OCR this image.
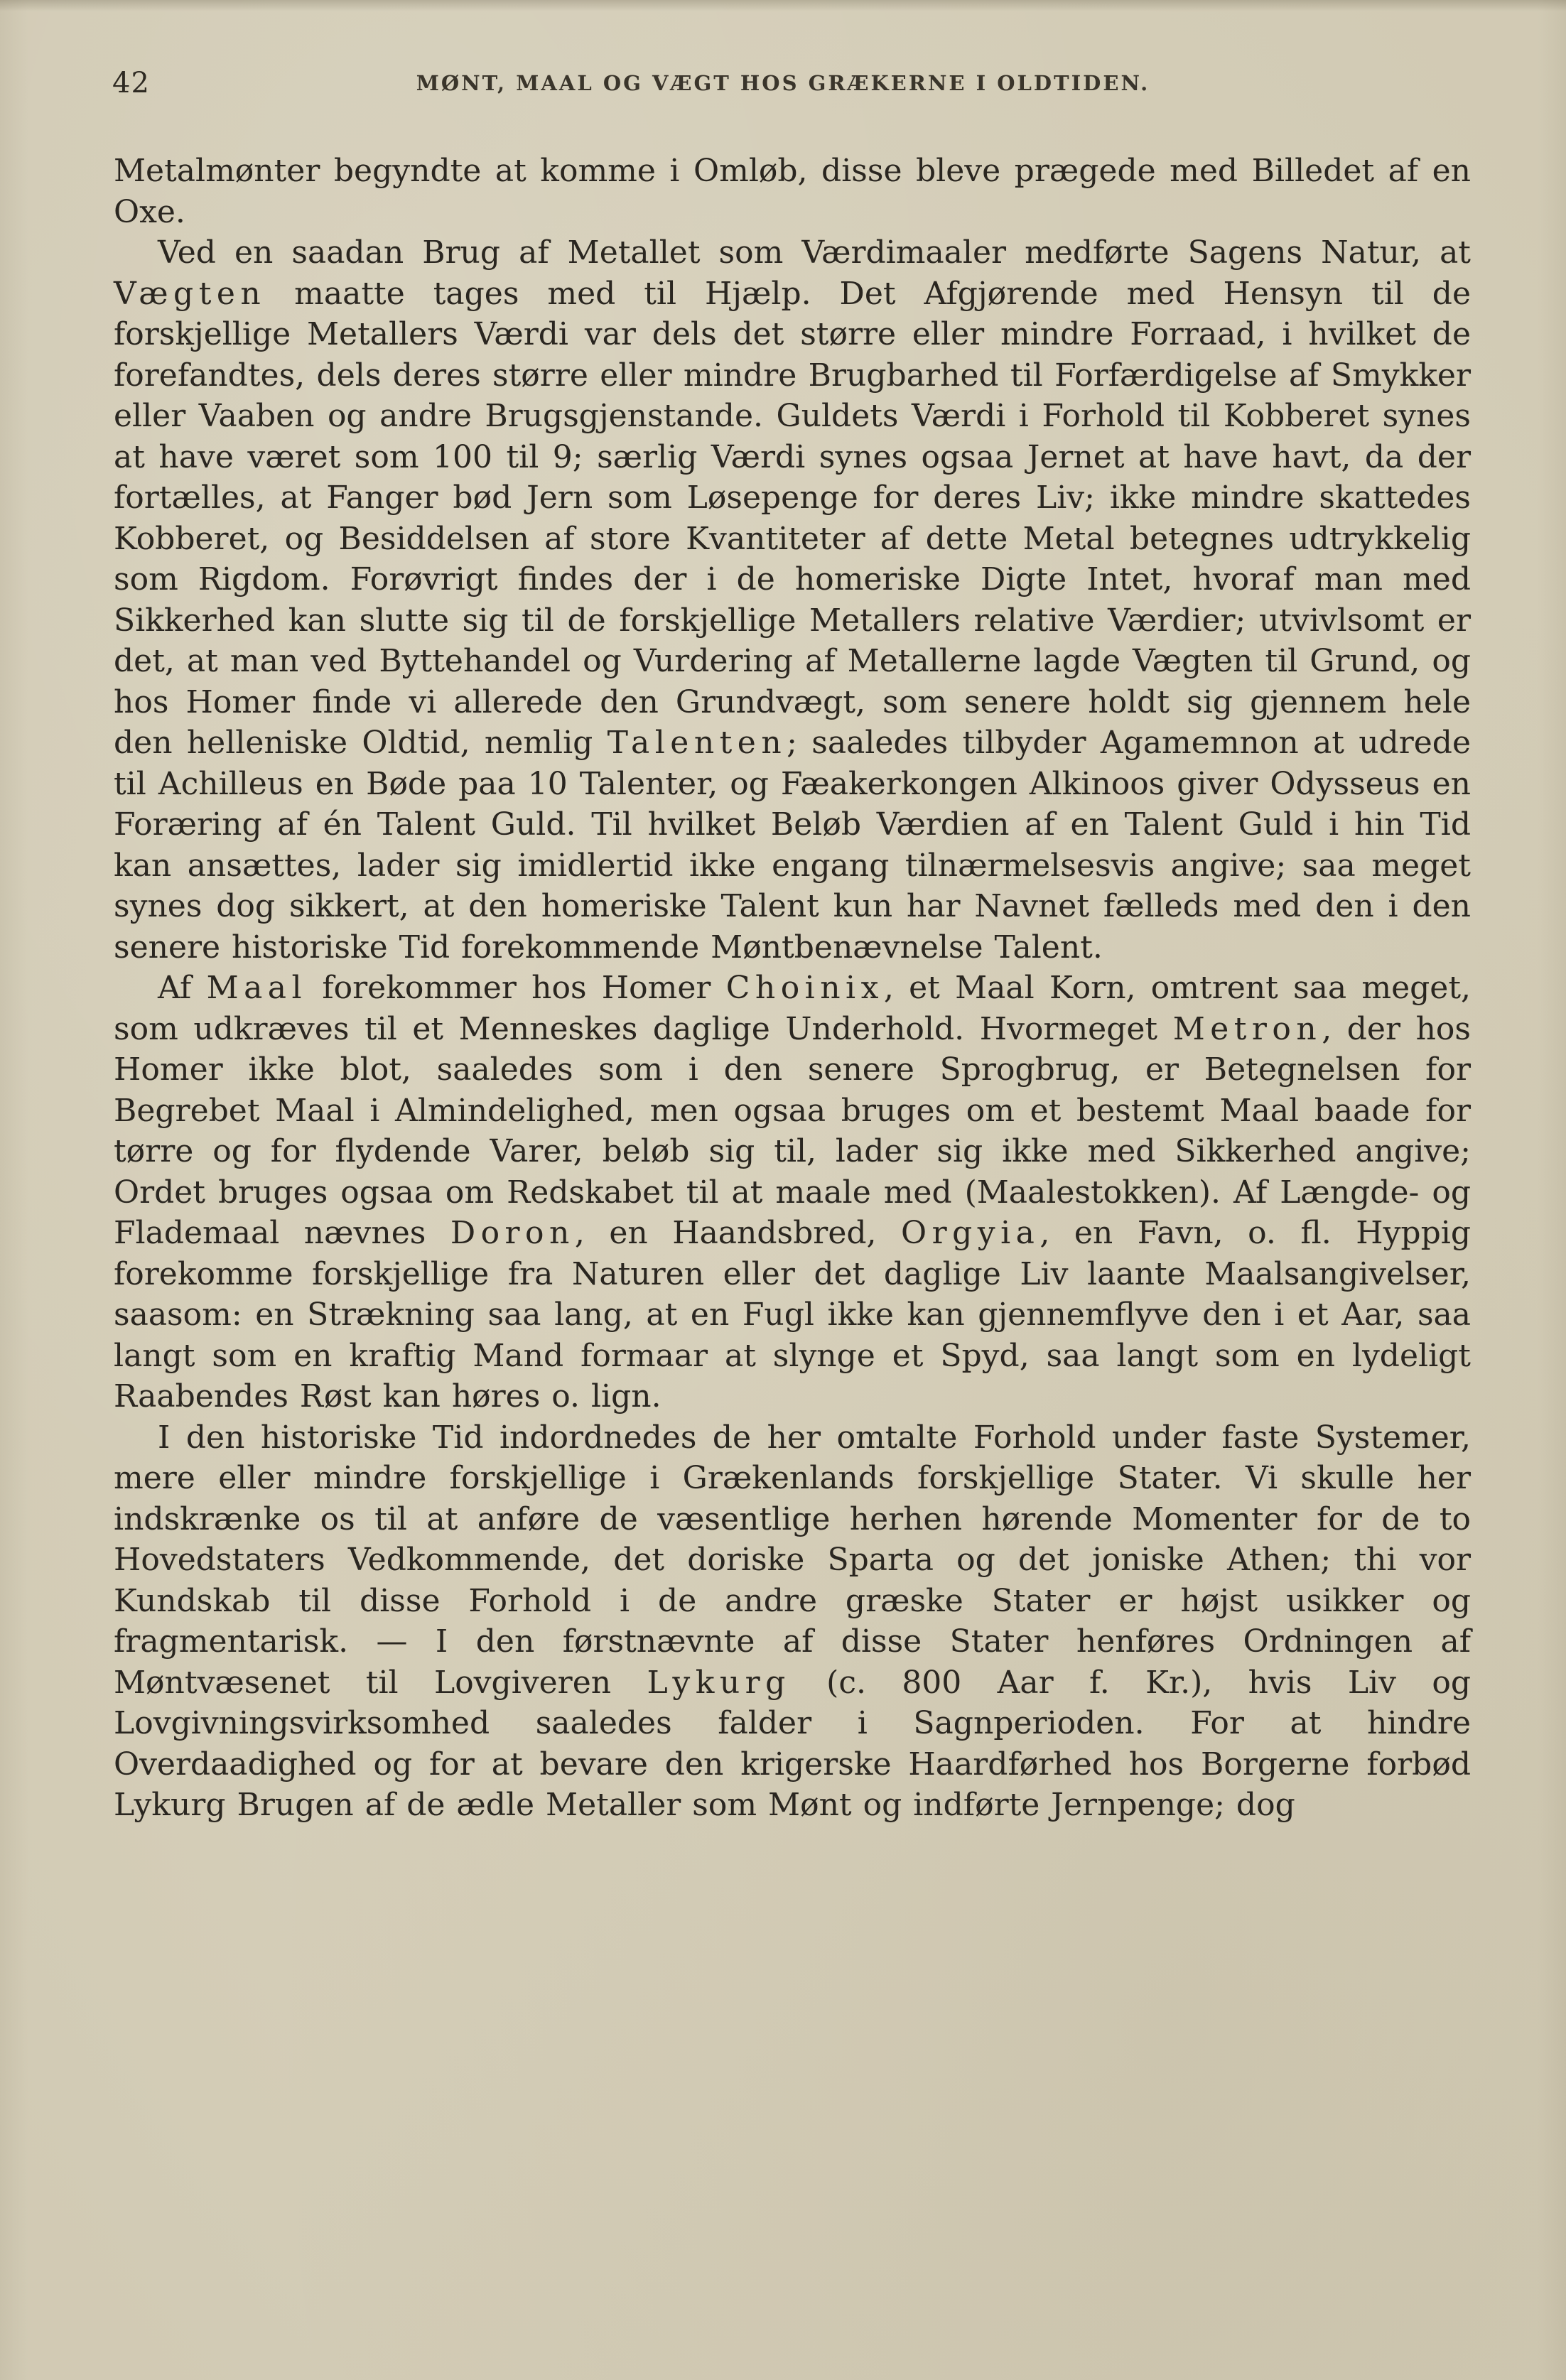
42	MØNT, MAAL OG VÆGT HOS GRÆKERNE I OLDTIDEN.

Metalmønter begyndte at komme i Omløb, disse bleve prægede med Billedet af en Oxe.

Ved en saadan Brug af Metallet som Værdimaaler medførte Sagens Natur, at Vægten maatte tages med til Hjælp. Det Afgjørende med Hensyn til de forskjellige Metallers Værdi var dels det større eller mindre Forraad, i hvilket de forefandtes, dels deres større eller mindre Brugbarhed til Forfærdigelse af Smykker eller Vaaben og andre Brugsgjenstande. Guldets Værdi i Forhold til Kobberet synes at have været som 100 til 9; særlig Værdi synes ogsaa Jernet at have havt, da der fortælles, at Fanger bød Jern som Løsepenge for deres Liv; ikke mindre skattedes Kobberet, og Besiddelsen af store Kvantiteter af dette Metal betegnes udtrykkelig som Rigdom. Forøvrigt findes der i de homeriske Digte Intet, hvoraf man med Sikkerhed kan slutte sig til de forskjellige Metallers relative Værdier; utvivlsomt er det, at man ved Byttehandel og Vurdering af Metallerne lagde Vægten til Grund, og hos Homer finde vi allerede den Grundvægt, som senere holdt sig gjennem hele den helleniske Oldtid, nemlig Talenten; saaledes tilbyder Agamemnon at udrede til Achilleus en Bøde paa 10 Talenter, og Fæakerkongen Alkinoos giver Odysseus en Foræring af én Talent Guld. Til hvilket Beløb Værdien af en Talent Guld i hin Tid kan ansættes, lader sig imidlertid ikke engang tilnærmelsesvis angive; saa meget synes dog sikkert, at den homeriske Talent kun har Navnet fælleds med den i den senere historiske Tid forekommende Møntbenævnelse Talent.

Af Maal forekommer hos Homer Choinix, et Maal Korn, omtrent saa meget, som udkræves til et Menneskes daglige Underhold. Hvormeget Metron, der hos Homer ikke blot, saaledes som i den senere Sprogbrug, er Betegnelsen for Begrebet Maal i Almindelighed, men ogsaa bruges om et bestemt Maal baade for tørre og for flydende Varer, beløb sig til, lader sig ikke med Sikkerhed angive; Ordet bruges ogsaa om Redskabet til at maale med (Maalestokken). Af Længde- og Flademaal nævnes Doron, en Haandsbred, Orgyia, en Favn, o. fl. Hyppig forekomme forskjellige fra Naturen eller det daglige Liv laante Maalsangivelser, saasom: en Strækning saa lang, at en Fugl ikke kan gjennemflyve den i et Aar, saa langt som en kraftig Mand formaar at slynge et Spyd, saa langt som en lydeligt Raabendes Røst kan høres o. lign.

I den historiske Tid indordnedes de her omtalte Forhold under faste Systemer, mere eller mindre forskjellige i Grækenlands forskjellige Stater. Vi skulle her indskrænke os til at anføre de væsentlige herhen hørende Momenter for de to Hovedstaters Vedkommende, det doriske Sparta og det joniske Athen; thi vor Kundskab til disse Forhold i de andre græske Stater er højst usikker og fragmentarisk. — I den førstnævnte af disse Stater henføres Ordningen af Møntvæsenet til Lovgiveren Lykurg (c. 800 Aar f. Kr.), hvis Liv og Lovgivningsvirksomhed saaledes falder i Sagnperioden. For at hindre Overdaadighed og for at bevare den krigerske Haardførhed hos Borgerne forbød Lykurg Brugen af de ædle Metaller som Mønt og indførte Jernpenge; dog
